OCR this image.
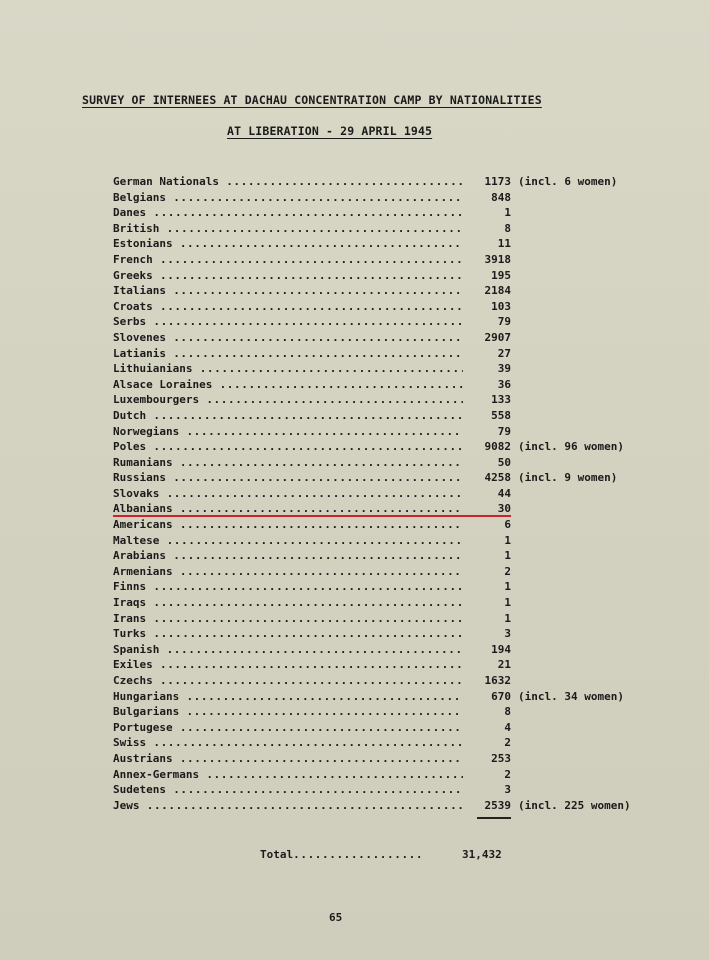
SURVEY OF INTERNEES AT DACHAU CONCENTRATION CAMP BY NATIONALITIES
AT LIBERATION - 29 APRIL 1945
German Nationals .....	1173 (incl. 6 women)
Belgians .....	848
Danes .....	1
British .....	8
Estonians .....	11
French .....	3918
Greeks .....	195
Italians .....	2184
Croats .....	103
Serbs .....	79
Slovenes .....	2907
Latianis .....	27
Lithuianians .....	39
Alsace Loraines .....	36
Luxembourgers .....	133
Dutch .....	558
Norwegians .....	79
Poles .....	9082 (incl. 96 women)
Rumanians .....	50
Russians .....	4258 (incl. 9 women)
Slovaks .....	44
Albanians .....	30
Americans .....	6
Maltese .....	1
Arabians .....	1
Armenians .....	2
Finns .....	1
Iraqs .....	1
Irans .....	1
Turks .....	3
Spanish .....	194
Exiles .....	21
Czechs .....	1632
Hungarians .....	670 (incl. 34 women)
Bulgarians .....	8
Portugese .....	4
Swiss .....	2
Austrians .....	253
Annex-Germans .....	2
Sudetens .....	3
Jews .....	2539 (incl. 225 women)
Total..................	31,432
65
